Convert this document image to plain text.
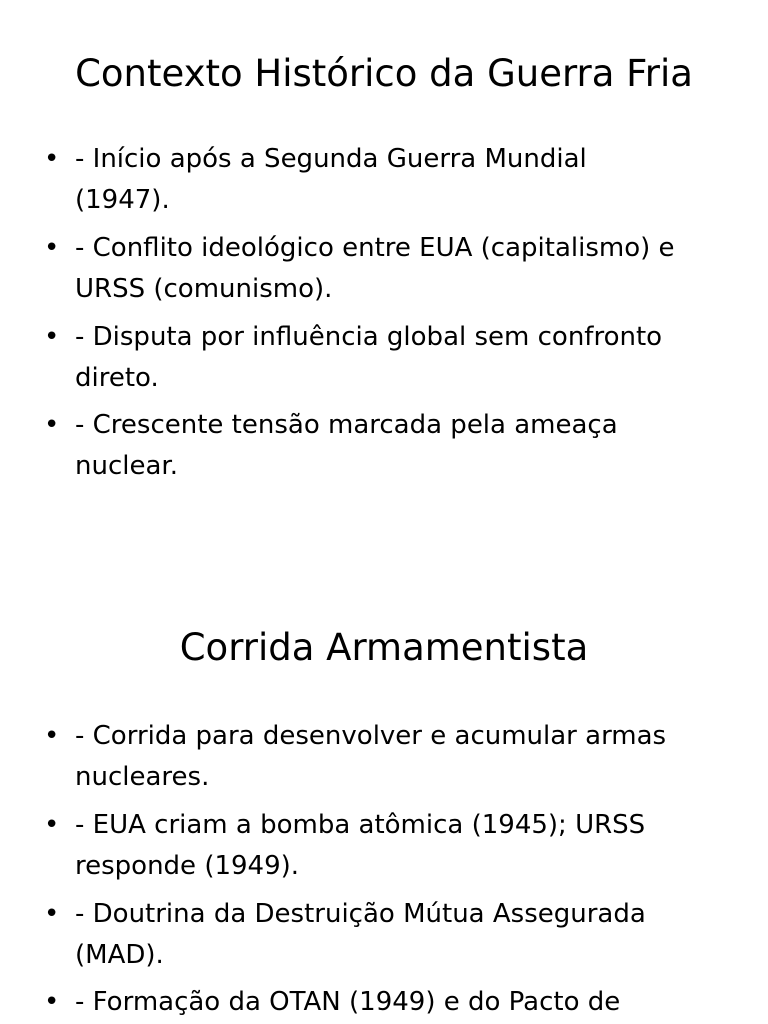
Contexto Histórico da Guerra Fria
• - Início após a Segunda Guerra Mundial
(1947).
• - Conflito ideológico entre EUA (capitalismo) e
URSS (comunismo).
• - Disputa por influência global sem confronto
direto.
• - Crescente tensão marcada pela ameaça
nuclear.
Corrida Armamentista
• - Corrida para desenvolver e acumular armas
nucleares.
• - EUA criam a bomba atômica (1945); URSS
responde (1949).
• - Doutrina da Destruição Mútua Assegurada
(MAD).
• - Formação da OTAN (1949) e do Pacto de
